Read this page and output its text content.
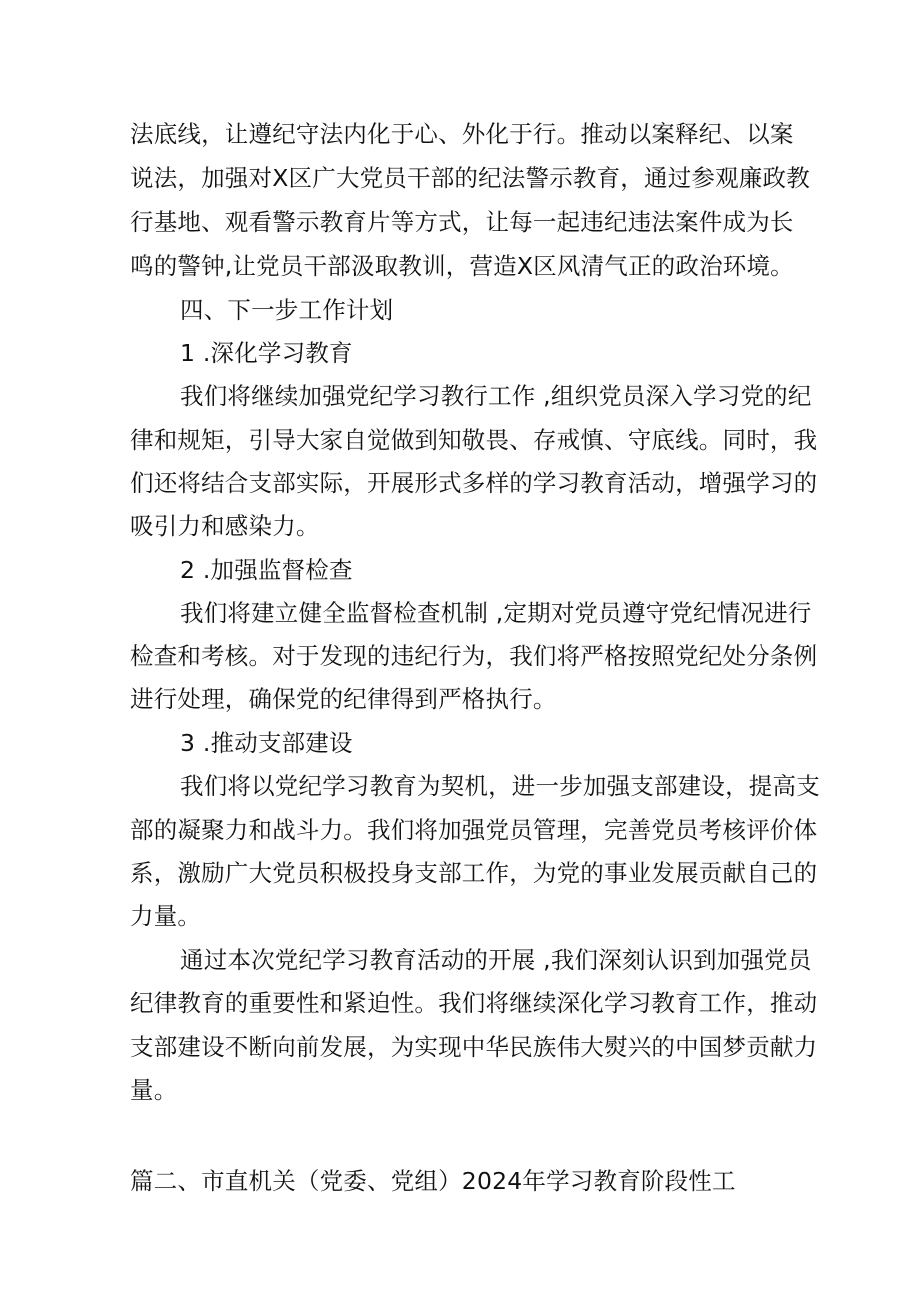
法底线，让遵纪守法内化于心、外化于行。推动以案释纪、以案
说法，加强对X区广大党员干部的纪法警示教育，通过参观廉政教
行基地、观看警示教育片等方式，让每一起违纪违法案件成为长
鸣的警钟,让党员干部汲取教训，营造X区风清气正的政治环境。
四、下一步工作计划
1 .深化学习教育
我们将继续加强党纪学习教行工作 ,组织党员深入学习党的纪
律和规矩，引导大家自觉做到知敬畏、存戒慎、守底线。同时，我
们还将结合支部实际，开展形式多样的学习教育活动，增强学习的
吸引力和感染力。
2 .加强监督检查
我们将建立健全监督检查机制 ,定期对党员遵守党纪情况进行
检查和考核。对于发现的违纪行为，我们将严格按照党纪处分条例
进行处理，确保党的纪律得到严格执行。
3 .推动支部建设
我们将以党纪学习教育为契机，进一步加强支部建设，提高支
部的凝聚力和战斗力。我们将加强党员管理，完善党员考核评价体
系，激励广大党员积极投身支部工作，为党的事业发展贡献自己的
力量。
通过本次党纪学习教育活动的开展 ,我们深刻认识到加强党员
纪律教育的重要性和紧迫性。我们将继续深化学习教育工作，推动
支部建设不断向前发展，为实现中华民族伟大熨兴的中国梦贡献力
量。
篇二、市直机关（党委、党组）2024年学习教育阶段性工
